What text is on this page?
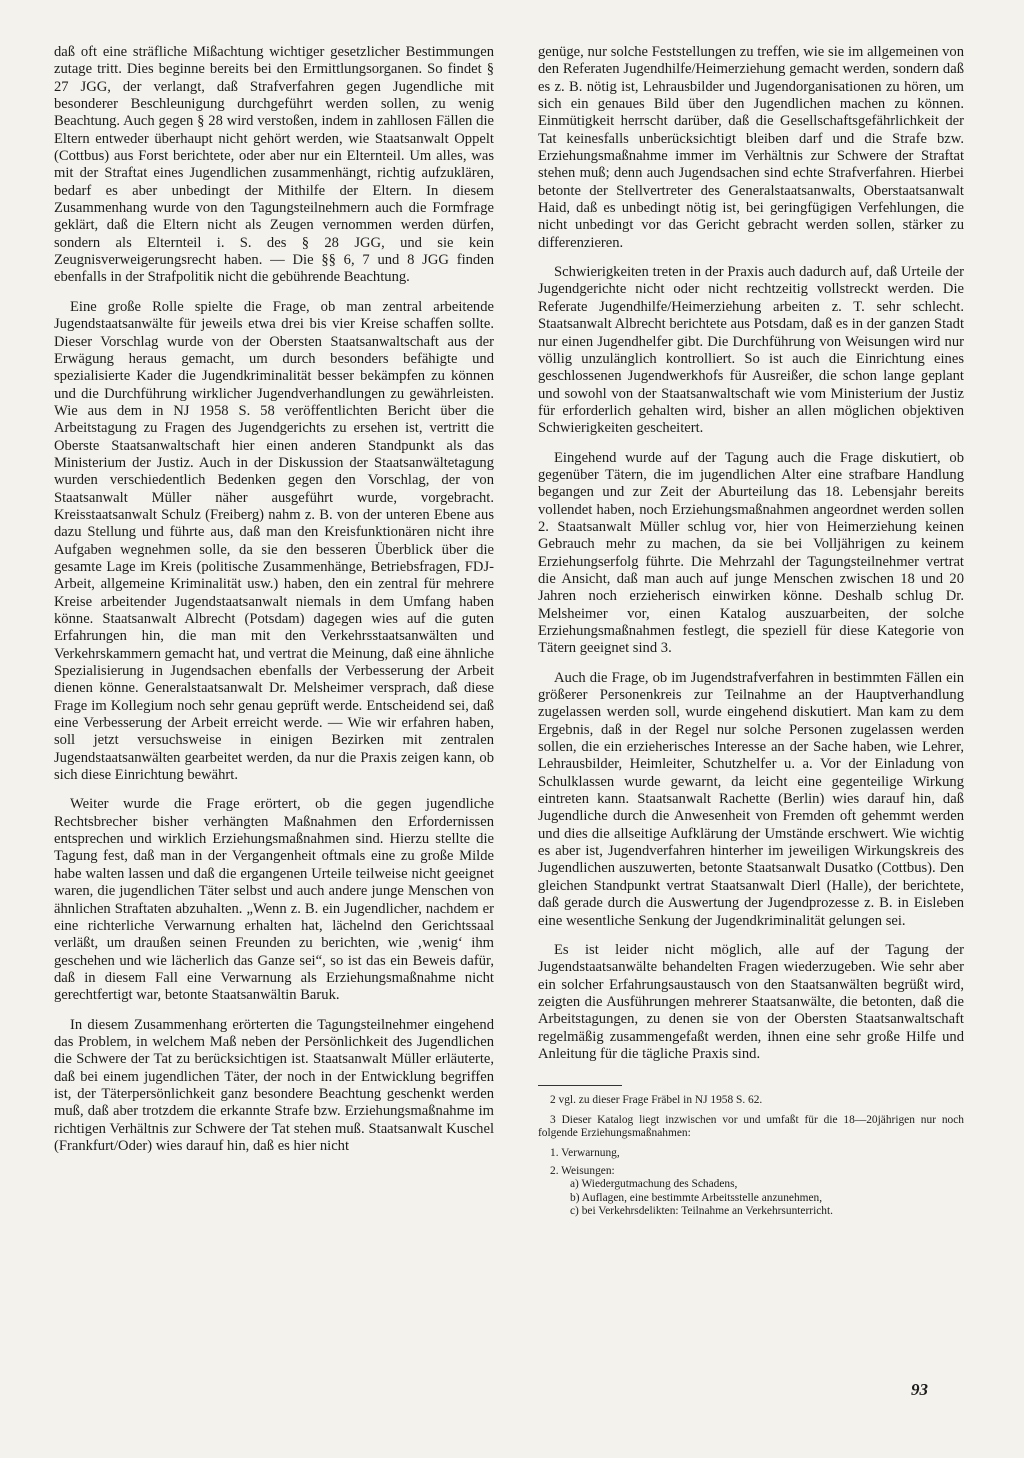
daß oft eine sträfliche Mißachtung wichtiger gesetzlicher Bestimmungen zutage tritt. Dies beginne bereits bei den Ermittlungsorganen. So findet § 27 JGG, der verlangt, daß Strafverfahren gegen Jugendliche mit besonderer Beschleunigung durchgeführt werden sollen, zu wenig Beachtung. Auch gegen § 28 wird verstoßen, indem in zahllosen Fällen die Eltern entweder überhaupt nicht gehört werden, wie Staatsanwalt Oppelt (Cottbus) aus Forst berichtete, oder aber nur ein Elternteil. Um alles, was mit der Straftat eines Jugendlichen zusammenhängt, richtig aufzuklären, bedarf es aber unbedingt der Mithilfe der Eltern. In diesem Zusammenhang wurde von den Tagungsteilnehmern auch die Formfrage geklärt, daß die Eltern nicht als Zeugen vernommen werden dürfen, sondern als Elternteil i. S. des § 28 JGG, und sie kein Zeugnisverweigerungsrecht haben. — Die §§ 6, 7 und 8 JGG finden ebenfalls in der Strafpolitik nicht die gebührende Beachtung.

Eine große Rolle spielte die Frage, ob man zentral arbeitende Jugendstaatsanwälte für jeweils etwa drei bis vier Kreise schaffen sollte. Dieser Vorschlag wurde von der Obersten Staatsanwaltschaft aus der Erwägung heraus gemacht, um durch besonders befähigte und spezialisierte Kader die Jugendkriminalität besser bekämpfen zu können und die Durchführung wirklicher Jugendverhandlungen zu gewährleisten. Wie aus dem in NJ 1958 S. 58 veröffentlichten Bericht über die Arbeitstagung zu Fragen des Jugendgerichts zu ersehen ist, vertritt die Oberste Staatsanwaltschaft hier einen anderen Standpunkt als das Ministerium der Justiz. Auch in der Diskussion der Staatsanwältetagung wurden verschiedentlich Bedenken gegen den Vorschlag, der von Staatsanwalt Müller näher ausgeführt wurde, vorgebracht. Kreisstaatsanwalt Schulz (Freiberg) nahm z. B. von der unteren Ebene aus dazu Stellung und führte aus, daß man den Kreisfunktionären nicht ihre Aufgaben wegnehmen solle, da sie den besseren Überblick über die gesamte Lage im Kreis (politische Zusammenhänge, Betriebsfragen, FDJ-Arbeit, allgemeine Kriminalität usw.) haben, den ein zentral für mehrere Kreise arbeitender Jugendstaatsanwalt niemals in dem Umfang haben könne. Staatsanwalt Albrecht (Potsdam) dagegen wies auf die guten Erfahrungen hin, die man mit den Verkehrsstaatsanwälten und Verkehrskammern gemacht hat, und vertrat die Meinung, daß eine ähnliche Spezialisierung in Jugendsachen ebenfalls der Verbesserung der Arbeit dienen könne. Generalstaatsanwalt Dr. Melsheimer versprach, daß diese Frage im Kollegium noch sehr genau geprüft werde. Entscheidend sei, daß eine Verbesserung der Arbeit erreicht werde. — Wie wir erfahren haben, soll jetzt versuchsweise in einigen Bezirken mit zentralen Jugendstaatsanwälten gearbeitet werden, da nur die Praxis zeigen kann, ob sich diese Einrichtung bewährt.

Weiter wurde die Frage erörtert, ob die gegen jugendliche Rechtsbrecher bisher verhängten Maßnahmen den Erfordernissen entsprechen und wirklich Erziehungsmaßnahmen sind. Hierzu stellte die Tagung fest, daß man in der Vergangenheit oftmals eine zu große Milde habe walten lassen und daß die ergangenen Urteile teilweise nicht geeignet waren, die jugendlichen Täter selbst und auch andere junge Menschen von ähnlichen Straftaten abzuhalten. „Wenn z. B. ein Jugendlicher, nachdem er eine richterliche Verwarnung erhalten hat, lächelnd den Gerichtssaal verläßt, um draußen seinen Freunden zu berichten, wie ‚wenig‘ ihm geschehen und wie lächerlich das Ganze sei“, so ist das ein Beweis dafür, daß in diesem Fall eine Verwarnung als Erziehungsmaßnahme nicht gerechtfertigt war, betonte Staatsanwältin Baruk.

In diesem Zusammenhang erörterten die Tagungsteilnehmer eingehend das Problem, in welchem Maß neben der Persönlichkeit des Jugendlichen die Schwere der Tat zu berücksichtigen ist. Staatsanwalt Müller erläuterte, daß bei einem jugendlichen Täter, der noch in der Entwicklung begriffen ist, der Täterpersönlichkeit ganz besondere Beachtung geschenkt werden muß, daß aber trotzdem die erkannte Strafe bzw. Erziehungsmaßnahme im richtigen Verhältnis zur Schwere der Tat stehen muß. Staatsanwalt Kuschel (Frankfurt/Oder) wies darauf hin, daß es hier nicht

genüge, nur solche Feststellungen zu treffen, wie sie im allgemeinen von den Referaten Jugendhilfe/Heimerziehung gemacht werden, sondern daß es z. B. nötig ist, Lehrausbilder und Jugendorganisationen zu hören, um sich ein genaues Bild über den Jugendlichen machen zu können. Einmütigkeit herrscht darüber, daß die Gesellschaftsgefährlichkeit der Tat keinesfalls unberücksichtigt bleiben darf und die Strafe bzw. Erziehungsmaßnahme immer im Verhältnis zur Schwere der Straftat stehen muß; denn auch Jugendsachen sind echte Strafverfahren. Hierbei betonte der Stellvertreter des Generalstaatsanwalts, Oberstaatsanwalt Haid, daß es unbedingt nötig ist, bei geringfügigen Verfehlungen, die nicht unbedingt vor das Gericht gebracht werden sollen, stärker zu differenzieren.

Schwierigkeiten treten in der Praxis auch dadurch auf, daß Urteile der Jugendgerichte nicht oder nicht rechtzeitig vollstreckt werden. Die Referate Jugendhilfe/Heimerziehung arbeiten z. T. sehr schlecht. Staatsanwalt Albrecht berichtete aus Potsdam, daß es in der ganzen Stadt nur einen Jugendhelfer gibt. Die Durchführung von Weisungen wird nur völlig unzulänglich kontrolliert. So ist auch die Einrichtung eines geschlossenen Jugendwerkhofs für Ausreißer, die schon lange geplant und sowohl von der Staatsanwaltschaft wie vom Ministerium der Justiz für erforderlich gehalten wird, bisher an allen möglichen objektiven Schwierigkeiten gescheitert.

Eingehend wurde auf der Tagung auch die Frage diskutiert, ob gegenüber Tätern, die im jugendlichen Alter eine strafbare Handlung begangen und zur Zeit der Aburteilung das 18. Lebensjahr bereits vollendet haben, noch Erziehungsmaßnahmen angeordnet werden sollen 2. Staatsanwalt Müller schlug vor, hier von Heimerziehung keinen Gebrauch mehr zu machen, da sie bei Volljährigen zu keinem Erziehungserfolg führte. Die Mehrzahl der Tagungsteilnehmer vertrat die Ansicht, daß man auch auf junge Menschen zwischen 18 und 20 Jahren noch erzieherisch einwirken könne. Deshalb schlug Dr. Melsheimer vor, einen Katalog auszuarbeiten, der solche Erziehungsmaßnahmen festlegt, die speziell für diese Kategorie von Tätern geeignet sind 3.

Auch die Frage, ob im Jugendstrafverfahren in bestimmten Fällen ein größerer Personenkreis zur Teilnahme an der Hauptverhandlung zugelassen werden soll, wurde eingehend diskutiert. Man kam zu dem Ergebnis, daß in der Regel nur solche Personen zugelassen werden sollen, die ein erzieherisches Interesse an der Sache haben, wie Lehrer, Lehrausbilder, Heimleiter, Schutzhelfer u. a. Vor der Einladung von Schulklassen wurde gewarnt, da leicht eine gegenteilige Wirkung eintreten kann. Staatsanwalt Rachette (Berlin) wies darauf hin, daß Jugendliche durch die Anwesenheit von Fremden oft gehemmt werden und dies die allseitige Aufklärung der Umstände erschwert. Wie wichtig es aber ist, Jugendverfahren hinterher im jeweiligen Wirkungskreis des Jugendlichen auszuwerten, betonte Staatsanwalt Dusatko (Cottbus). Den gleichen Standpunkt vertrat Staatsanwalt Dierl (Halle), der berichtete, daß gerade durch die Auswertung der Jugendprozesse z. B. in Eisleben eine wesentliche Senkung der Jugendkriminalität gelungen sei.

Es ist leider nicht möglich, alle auf der Tagung der Jugendstaatsanwälte behandelten Fragen wiederzugeben. Wie sehr aber ein solcher Erfahrungsaustausch von den Staatsanwälten begrüßt wird, zeigten die Ausführungen mehrerer Staatsanwälte, die betonten, daß die Arbeitstagungen, zu denen sie von der Obersten Staatsanwaltschaft regelmäßig zusammengefaßt werden, ihnen eine sehr große Hilfe und Anleitung für die tägliche Praxis sind.

2 vgl. zu dieser Frage Fräbel in NJ 1958 S. 62.

3 Dieser Katalog liegt inzwischen vor und umfaßt für die 18—20jährigen nur noch folgende Erziehungsmaßnahmen:

1. Verwarnung,
2. Weisungen:
a) Wiedergutmachung des Schadens,
b) Auflagen, eine bestimmte Arbeitsstelle anzunehmen,
c) bei Verkehrsdelikten: Teilnahme an Verkehrsunterricht.
93
